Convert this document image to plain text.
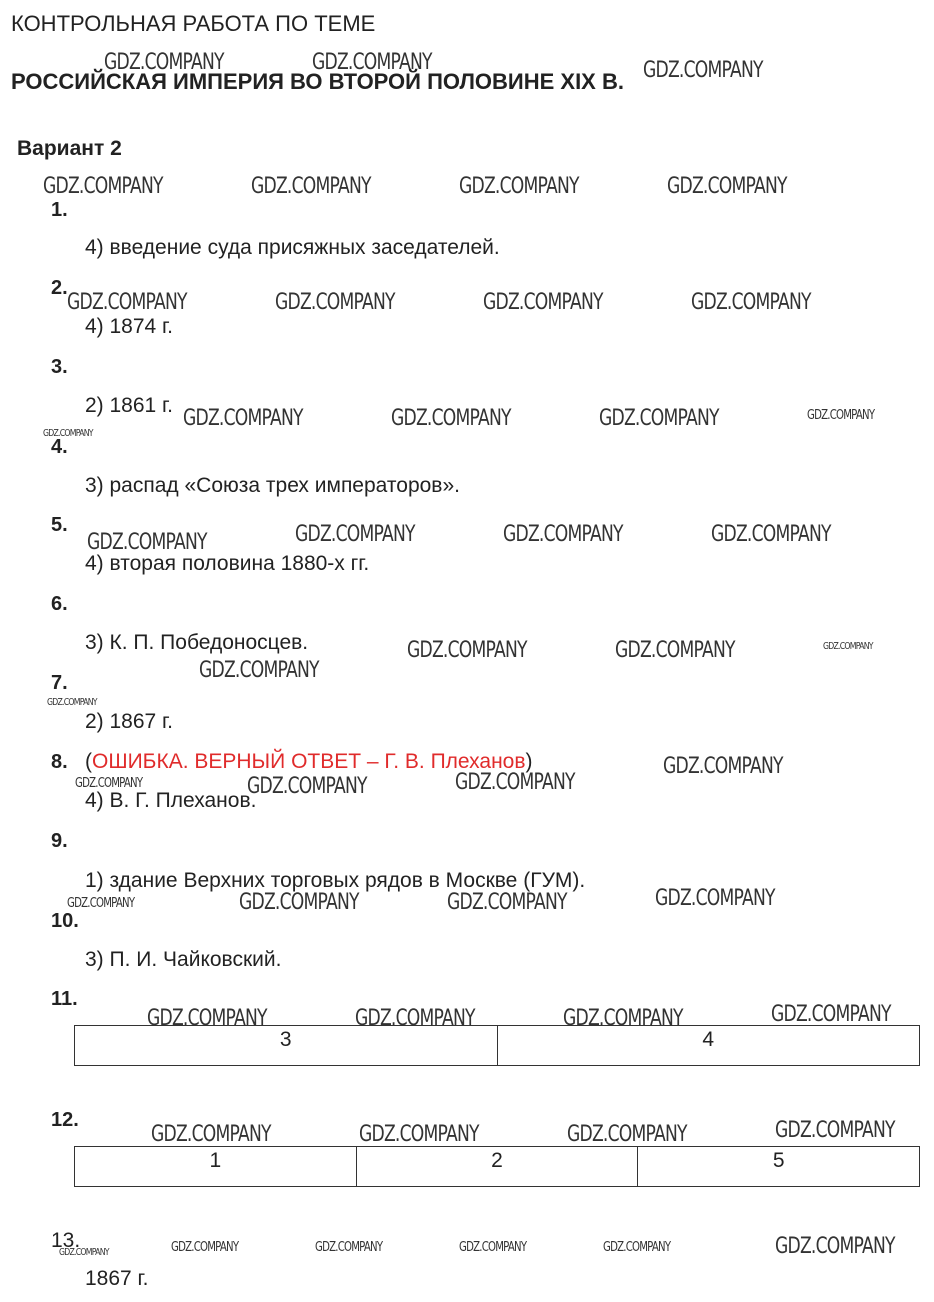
КОНТРОЛЬНАЯ РАБОТА ПО ТЕМЕ
РОССИЙСКАЯ ИМПЕРИЯ ВО ВТОРОЙ ПОЛОВИНЕ XIX В.
Вариант 2
1.
4) введение суда присяжных заседателей.
2.
4) 1874 г.
3.
2) 1861 г.
4.
3) распад «Союза трех императоров».
5.
4) вторая половина 1880-х гг.
6.
3) К. П. Победоносцев.
7.
2) 1867 г.
8. (ОШИБКА. ВЕРНЫЙ ОТВЕТ – Г. В. Плеханов)
4) В. Г. Плеханов.
9.
1) здание Верхних торговых рядов в Москве (ГУМ).
10.
3) П. И. Чайковский.
11.
3	4
12.
1	2	5
13.
1867 г.
GDZ.COMPANY	GDZ.COMPANY	GDZ.COMPANY
GDZ.COMPANY	GDZ.COMPANY	GDZ.COMPANY	GDZ.COMPANY
GDZ.COMPANY	GDZ.COMPANY	GDZ.COMPANY	GDZ.COMPANY
GDZ.COMPANY	GDZ.COMPANY	GDZ.COMPANY	GDZ.COMPANY
GDZ.COMPANY
GDZ.COMPANY	GDZ.COMPANY	GDZ.COMPANY	GDZ.COMPANY
GDZ.COMPANY	GDZ.COMPANY	GDZ.COMPANY
GDZ.COMPANY
GDZ.COMPANY
GDZ.COMPANY
GDZ.COMPANY	GDZ.COMPANY	GDZ.COMPANY
GDZ.COMPANY
GDZ.COMPANY	GDZ.COMPANY	GDZ.COMPANY
GDZ.COMPANY	GDZ.COMPANY	GDZ.COMPANY	GDZ.COMPANY
GDZ.COMPANY	GDZ.COMPANY	GDZ.COMPANY	GDZ.COMPANY
GDZ.COMPANY	GDZ.COMPANY	GDZ.COMPANY	GDZ.COMPANY	GDZ.COMPANY	GDZ.COMPANY
